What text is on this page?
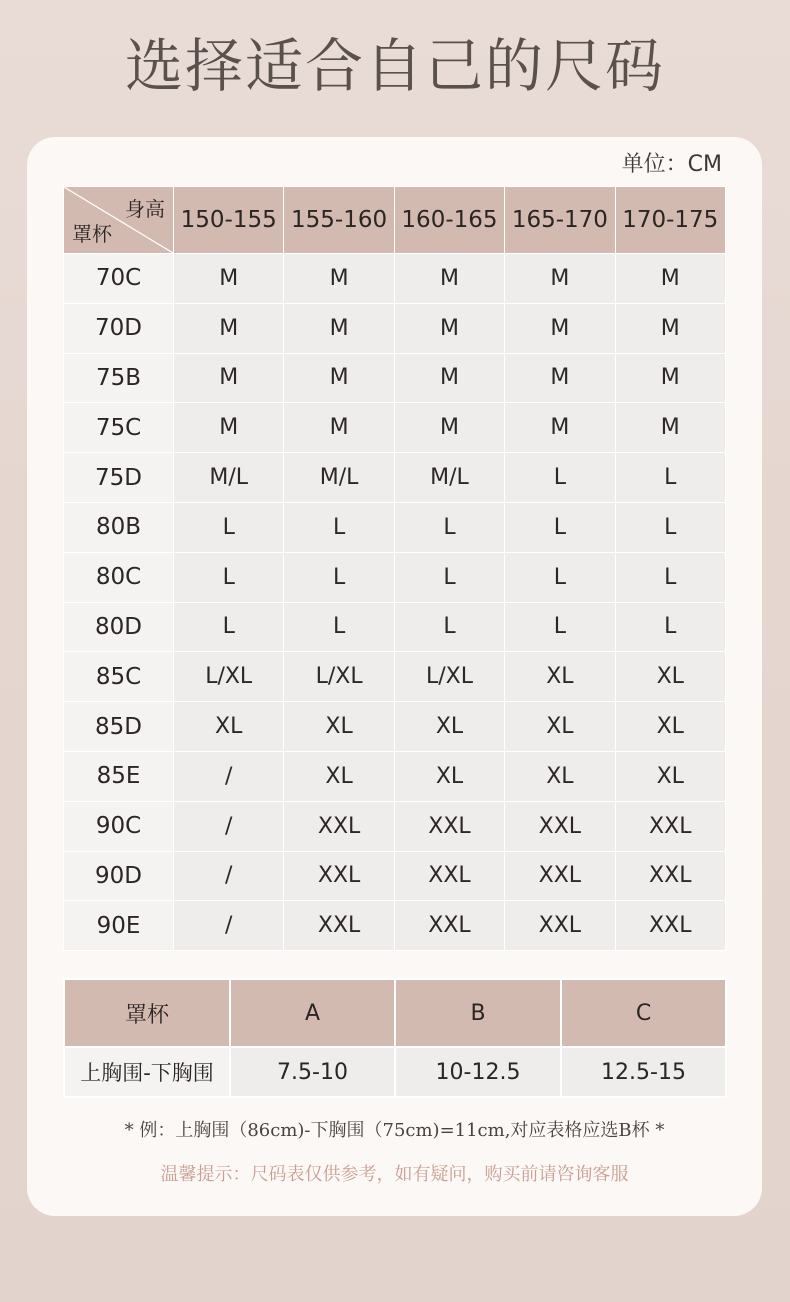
选择适合自己的尺码
单位：CM
身高
罩杯	150-155	155-160	160-165	165-170	170-175
70C	M	M	M	M	M
70D	M	M	M	M	M
75B	M	M	M	M	M
75C	M	M	M	M	M
75D	M/L	M/L	M/L	L	L
80B	L	L	L	L	L
80C	L	L	L	L	L
80D	L	L	L	L	L
85C	L/XL	L/XL	L/XL	XL	XL
85D	XL	XL	XL	XL	XL
85E	/	XL	XL	XL	XL
90C	/	XXL	XXL	XXL	XXL
90D	/	XXL	XXL	XXL	XXL
90E	/	XXL	XXL	XXL	XXL
罩杯	A	B	C
上胸围-下胸围	7.5-10	10-12.5	12.5-15
* 例：上胸围（86cm)-下胸围（75cm)=11cm,对应表格应选B杯 *
温馨提示：尺码表仅供参考，如有疑问，购买前请咨询客服
